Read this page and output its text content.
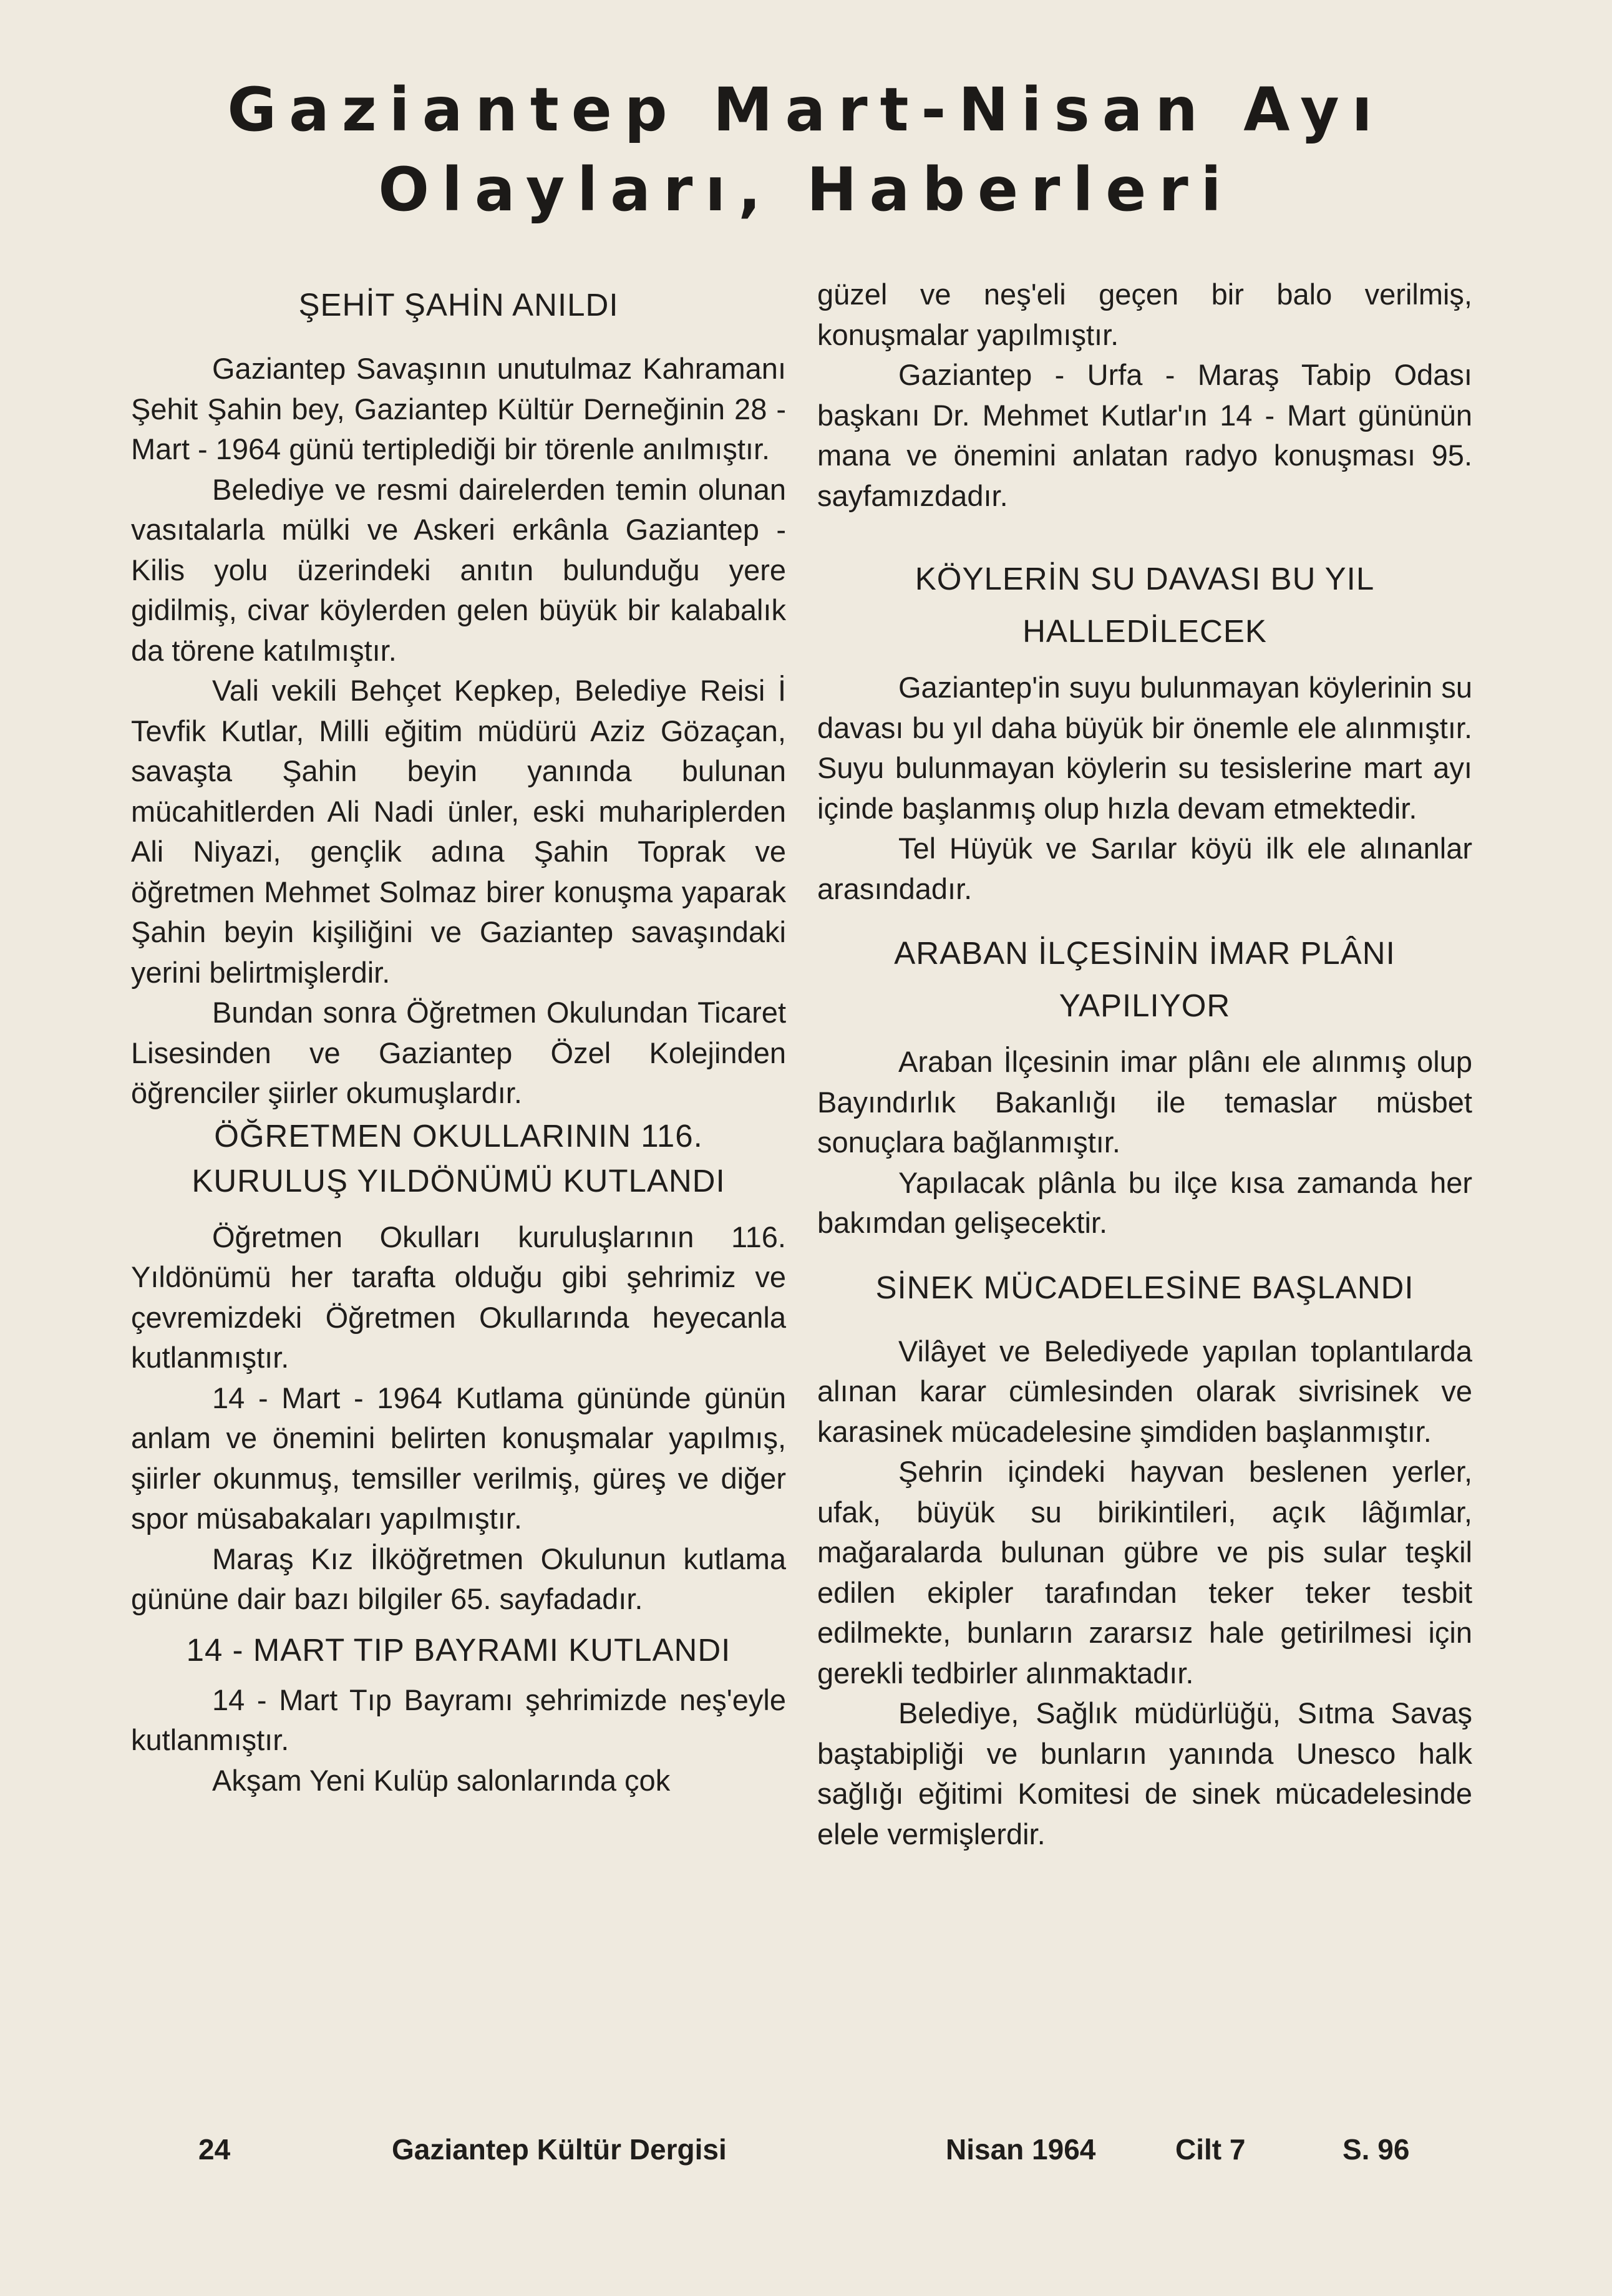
Gaziantep Mart-Nisan Ayı
Olayları, Haberleri
ŞEHİT ŞAHİN ANILDI

Gaziantep Savaşının unutulmaz Kahramanı Şehit Şahin bey, Gaziantep Kültür Derneğinin 28 - Mart - 1964 günü tertiplediği bir törenle anılmıştır.

Belediye ve resmi dairelerden temin olunan vasıtalarla mülki ve Askeri erkânla Gaziantep - Kilis yolu üzerindeki anıtın bulunduğu yere gidilmiş, civar köylerden gelen büyük bir kalabalık da törene katılmıştır.

Vali vekili Behçet Kepkep, Belediye Reisi İ Tevfik Kutlar, Milli eğitim müdürü Aziz Gözaçan, savaşta Şahin beyin yanında bulunan mücahitlerden Ali Nadi ünler, eski muhariplerden Ali Niyazi, gençlik adına Şahin Toprak ve öğretmen Mehmet Solmaz birer konuşma yaparak Şahin beyin kişiliğini ve Gaziantep savaşındaki yerini belirtmişlerdir.

Bundan sonra Öğretmen Okulundan Ticaret Lisesinden ve Gaziantep Özel Kolejinden öğrenciler şiirler okumuşlardır.

ÖĞRETMEN OKULLARININ 116.
KURULUŞ YILDÖNÜMÜ KUTLANDI

Öğretmen Okulları kuruluşlarının 116. Yıldönümü her tarafta olduğu gibi şehrimiz ve çevremizdeki Öğretmen Okullarında heyecanla kutlanmıştır.

14 - Mart - 1964 Kutlama gününde günün anlam ve önemini belirten konuşmalar yapılmış, şiirler okunmuş, temsiller verilmiş, güreş ve diğer spor müsabakaları yapılmıştır.

Maraş Kız İlköğretmen Okulunun kutlama gününe dair bazı bilgiler 65. sayfadadır.

14 - MART TIP BAYRAMI KUTLANDI

14 - Mart Tıp Bayramı şehrimizde neş'eyle kutlanmıştır.

Akşam Yeni Kulüp salonlarında çok

güzel ve neş'eli geçen bir balo verilmiş, konuşmalar yapılmıştır.

Gaziantep - Urfa - Maraş Tabip Odası başkanı Dr. Mehmet Kutlar'ın 14 - Mart gününün mana ve önemini anlatan radyo konuşması 95. sayfamızdadır.

KÖYLERİN SU DAVASI BU YIL
HALLEDİLECEK

Gaziantep'in suyu bulunmayan köylerinin su davası bu yıl daha büyük bir önemle ele alınmıştır. Suyu bulunmayan köylerin su tesislerine mart ayı içinde başlanmış olup hızla devam etmektedir.

Tel Hüyük ve Sarılar köyü ilk ele alınanlar arasındadır.

ARABAN İLÇESİNİN İMAR PLÂNI
YAPILIYOR

Araban İlçesinin imar plânı ele alınmış olup Bayındırlık Bakanlığı ile temaslar müsbet sonuçlara bağlanmıştır.

Yapılacak plânla bu ilçe kısa zamanda her bakımdan gelişecektir.

SİNEK MÜCADELESİNE BAŞLANDI

Vilâyet ve Belediyede yapılan toplantılarda alınan karar cümlesinden olarak sivrisinek ve karasinek mücadelesine şimdiden başlanmıştır.

Şehrin içindeki hayvan beslenen yerler, ufak, büyük su birikintileri, açık lâğımlar, mağaralarda bulunan gübre ve pis sular teşkil edilen ekipler tarafından teker teker tesbit edilmekte, bunların zararsız hale getirilmesi için gerekli tedbirler alınmaktadır.

Belediye, Sağlık müdürlüğü, Sıtma Savaş baştabipliği ve bunların yanında Unesco halk sağlığı eğitimi Komitesi de sinek mücadelesinde elele vermişlerdir.

24	Gaziantep Kültür Dergisi	Nisan 1964	Cilt 7	S. 96
